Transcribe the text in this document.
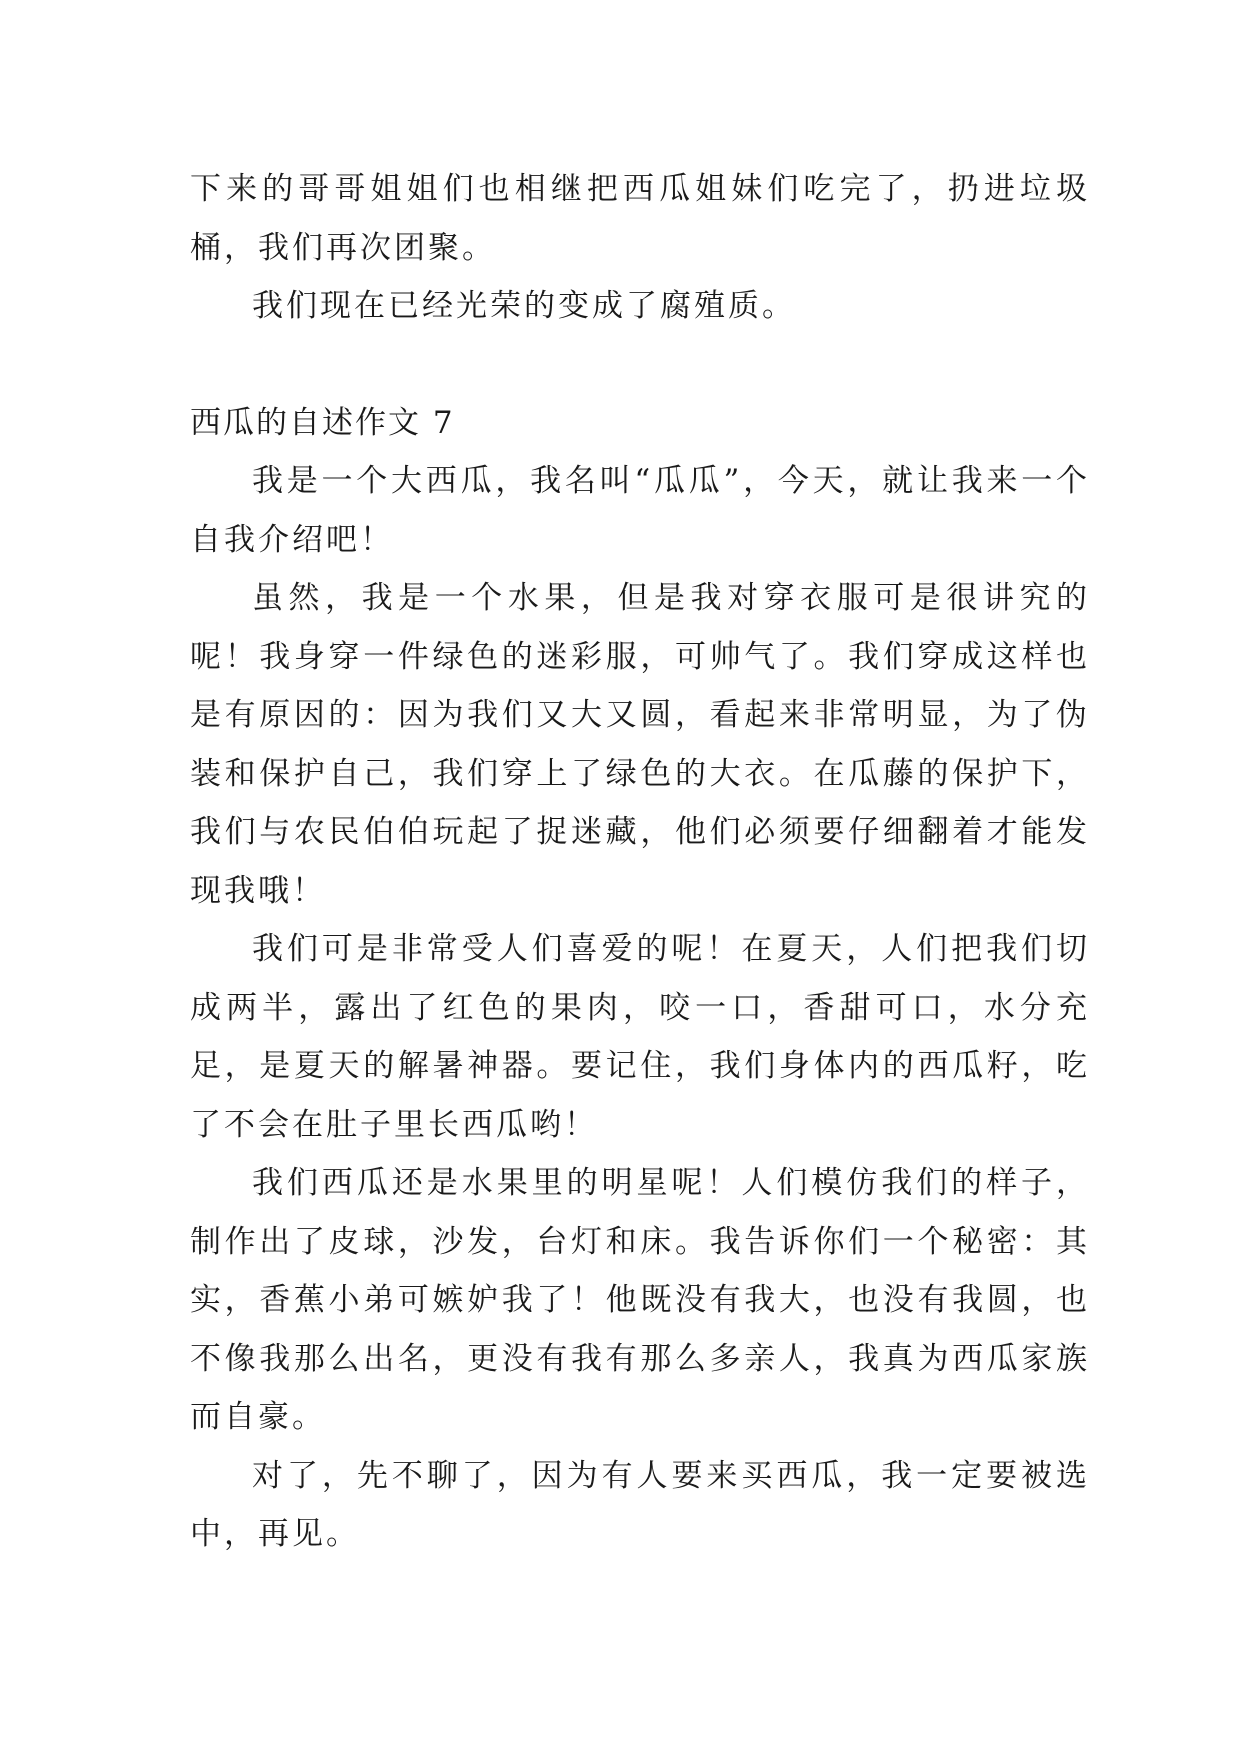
下来的哥哥姐姐们也相继把西瓜姐妹们吃完了，扔进垃圾桶，我们再次团聚。

我们现在已经光荣的变成了腐殖质。

西瓜的自述作文 7

我是一个大西瓜，我名叫“瓜瓜”，今天，就让我来一个自我介绍吧！

虽然，我是一个水果，但是我对穿衣服可是很讲究的呢！我身穿一件绿色的迷彩服，可帅气了。我们穿成这样也是有原因的：因为我们又大又圆，看起来非常明显，为了伪装和保护自己，我们穿上了绿色的大衣。在瓜藤的保护下，我们与农民伯伯玩起了捉迷藏，他们必须要仔细翻着才能发现我哦！

我们可是非常受人们喜爱的呢！在夏天，人们把我们切成两半，露出了红色的果肉，咬一口，香甜可口，水分充足，是夏天的解暑神器。要记住，我们身体内的西瓜籽，吃了不会在肚子里长西瓜哟！

我们西瓜还是水果里的明星呢！人们模仿我们的样子，制作出了皮球，沙发，台灯和床。我告诉你们一个秘密：其实，香蕉小弟可嫉妒我了！他既没有我大，也没有我圆，也不像我那么出名，更没有我有那么多亲人，我真为西瓜家族而自豪。

对了，先不聊了，因为有人要来买西瓜，我一定要被选中，再见。
